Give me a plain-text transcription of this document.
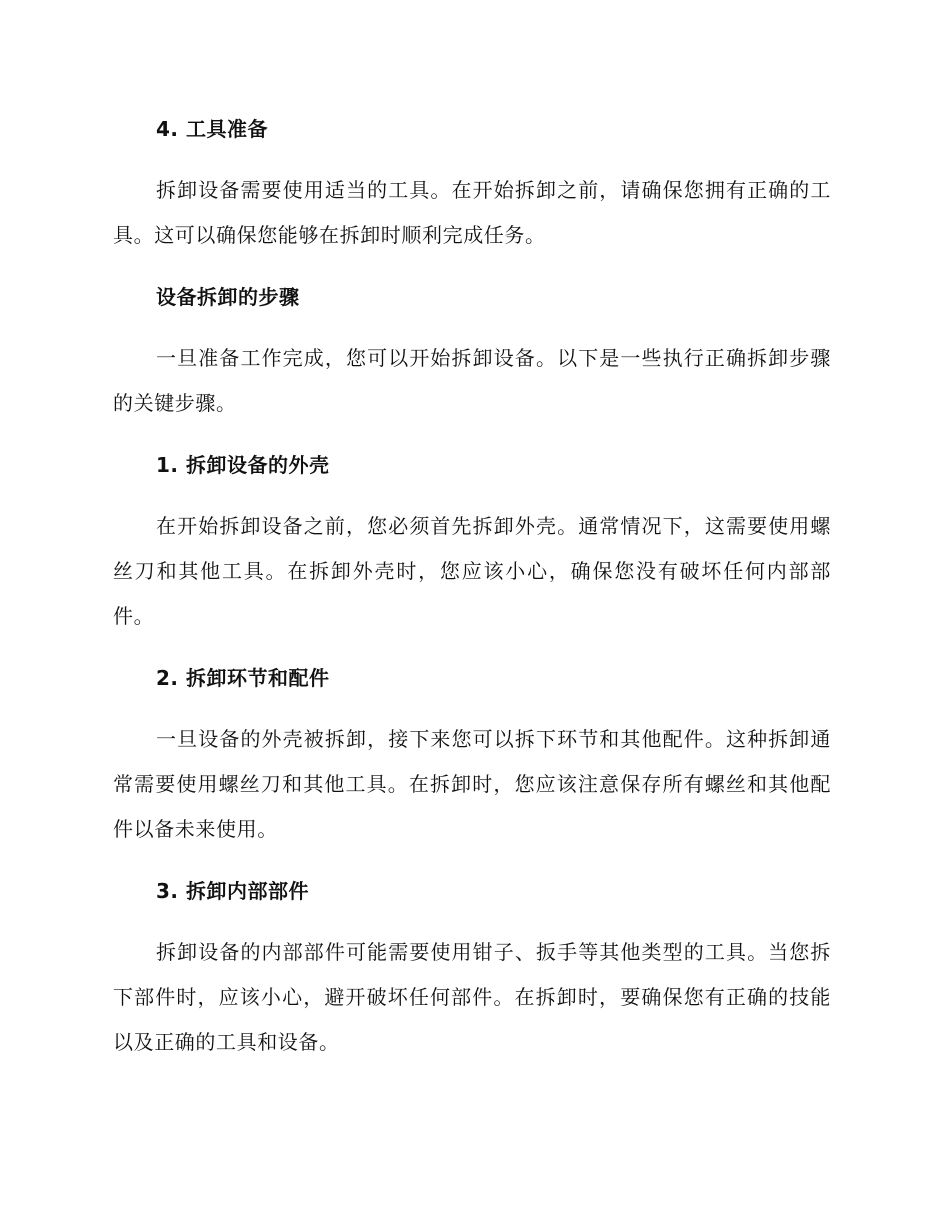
4. 工具准备

拆卸设备需要使用适当的工具。在开始拆卸之前，请确保您拥有正确的工具。这可以确保您能够在拆卸时顺利完成任务。

设备拆卸的步骤

一旦准备工作完成，您可以开始拆卸设备。以下是一些执行正确拆卸步骤的关键步骤。

1. 拆卸设备的外壳

在开始拆卸设备之前，您必须首先拆卸外壳。通常情况下，这需要使用螺丝刀和其他工具。在拆卸外壳时，您应该小心，确保您没有破坏任何内部部件。

2. 拆卸环节和配件

一旦设备的外壳被拆卸，接下来您可以拆下环节和其他配件。这种拆卸通常需要使用螺丝刀和其他工具。在拆卸时，您应该注意保存所有螺丝和其他配件以备未来使用。

3. 拆卸内部部件

拆卸设备的内部部件可能需要使用钳子、扳手等其他类型的工具。当您拆下部件时，应该小心，避开破坏任何部件。在拆卸时，要确保您有正确的技能以及正确的工具和设备。
